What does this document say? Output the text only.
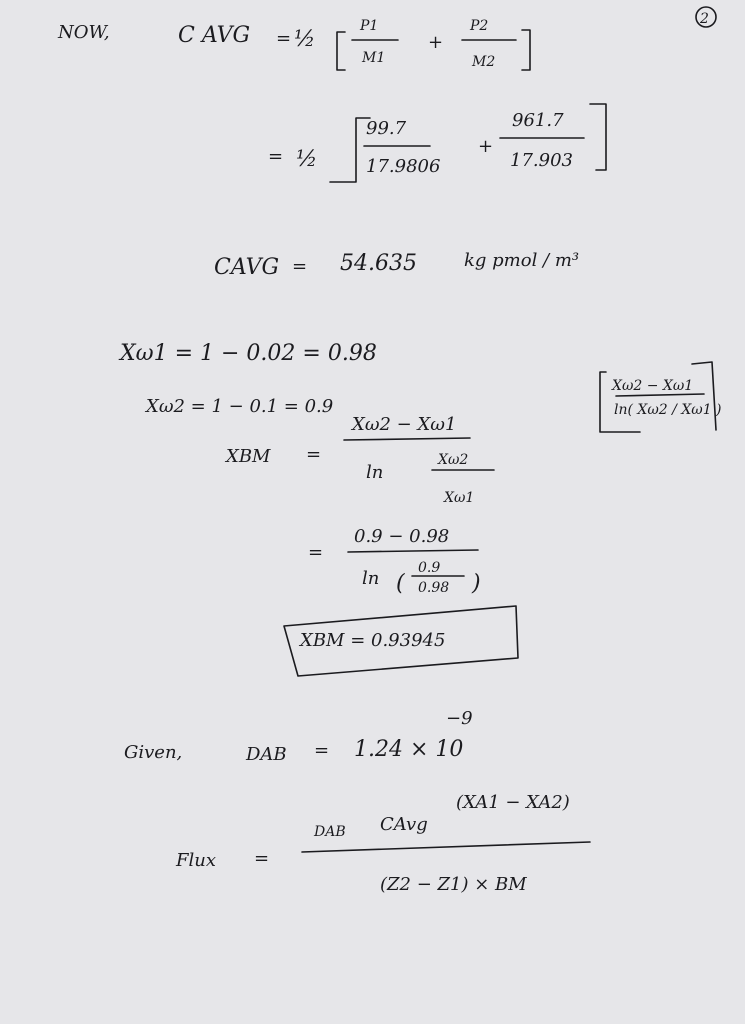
2
NOW,	C AVG = ½
P1
M1
+
P2
M2
= ½
99.7
17.9806
+
961.7
17.903
CAVG = 54.635	kg pmol / m³
Xω1 = 1 − 0.02 = 0.98
Xω2 = 1 − 0.1 = 0.9
XBM =
Xω2 − Xω1
ln
Xω2
Xω1
Xω2 − Xω1
ln( Xω2 / Xω1 )
=
0.9 − 0.98
ln (
0.9
0.98 )
XBM = 0.93945
Given,	DAB = 1.24 × 10
−9
Flux =
DAB CAvg
(XA1 − XA2)
(Z2 − Z1) × BM
